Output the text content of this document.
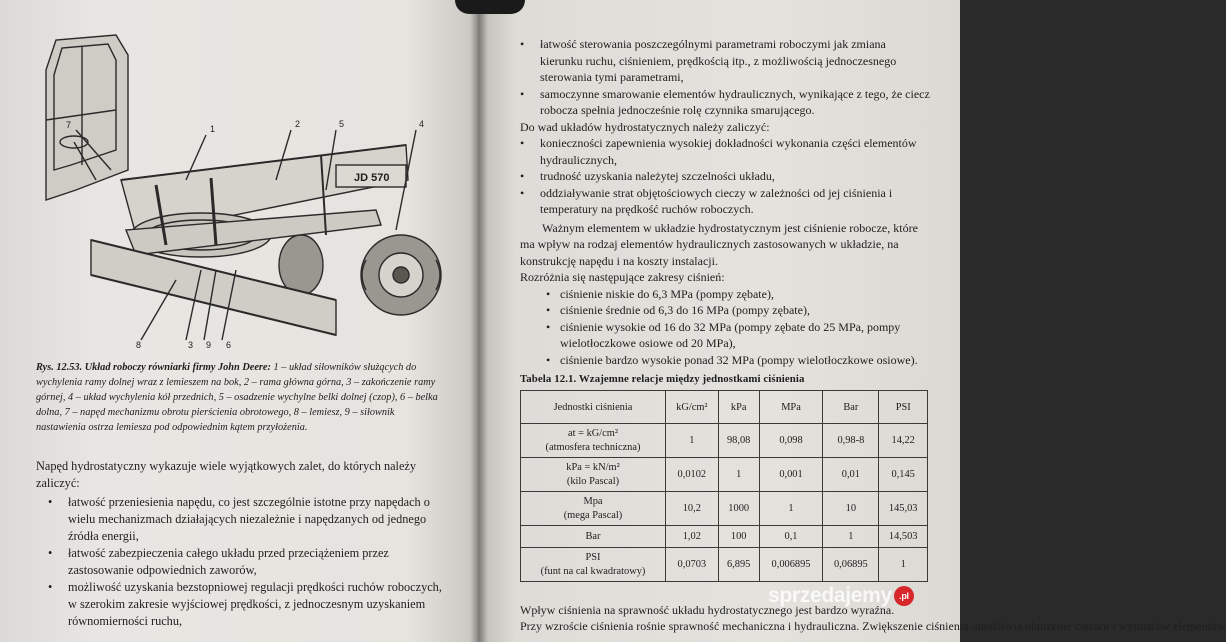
1	2
3
4
5
6
7
8	9
JD 570
Rys. 12.53. Układ roboczy równiarki firmy John Deere: 1 – układ siłowników służących do wychylenia ramy dolnej wraz z lemieszem na bok, 2 – rama główna górna, 3 – zakończenie ramy górnej, 4 – układ wychylenia kół przednich, 5 – osadzenie wychylne belki dolnej (czop), 6 – belka dolna, 7 – napęd mechanizmu obrotu pierścienia obrotowego, 8 – lemiesz, 9 – siłownik nastawienia ostrza lemiesza pod odpowiednim kątem przyłożenia.
Napęd hydrostatyczny wykazuje wiele wyjątkowych zalet, do których należy zaliczyć:
• łatwość przeniesienia napędu, co jest szczególnie istotne przy napędach o wielu mechanizmach działających niezależnie i napędzanych od jednego źródła energii,
• łatwość zabezpieczenia całego układu przed przeciążeniem przez zastosowanie odpowiednich zaworów,
• możliwość uzyskania bezstopniowej regulacji prędkości ruchów roboczych, w szerokim zakresie wyjściowej prędkości, z jednoczesnym uzyskaniem równomierności ruchu,
• łatwość sterowania poszczególnymi parametrami roboczymi jak zmiana kierunku ruchu, ciśnieniem, prędkością itp., z możliwością jednoczesnego sterowania tymi parametrami,
• samoczynne smarowanie elementów hydraulicznych, wynikające z tego, że ciecz robocza spełnia jednocześnie rolę czynnika smarującego.
Do wad układów hydrostatycznych należy zaliczyć:
• konieczności zapewnienia wysokiej dokładności wykonania części elementów hydraulicznych,
• trudność uzyskania należytej szczelności układu,
• oddziaływanie strat objętościowych cieczy w zależności od jej ciśnienia i temperatury na prędkość ruchów roboczych.
Ważnym elementem w układzie hydrostatycznym jest ciśnienie robocze, które ma wpływ na rodzaj elementów hydraulicznych zastosowanych w układzie, na konstrukcję napędu i na koszty instalacji.
Rozróżnia się następujące zakresy ciśnień:
• ciśnienie niskie do 6,3 MPa (pompy zębate),
• ciśnienie średnie od 6,3 do 16 MPa (pompy zębate),
• ciśnienie wysokie od 16 do 32 MPa (pompy zębate do 25 MPa, pompy wielotłoczkowe osiowe od 20 MPa),
• ciśnienie bardzo wysokie ponad 32 MPa (pompy wielotłoczkowe osiowe).
Tabela 12.1. Wzajemne relacje między jednostkami ciśnienia
Jednostki ciśnienia	kG/cm²	kPa	MPa	Bar	PSI

at = kG/cm²
(atmosfera techniczna)	1	98,08	0,098	0,98-8	14,22

kPa = kN/m²
(kilo Pascal)	0,0102	1	0,001	0,01	0,145

Mpa
(mega Pascal)	10,2	1000	1	10	145,03

Bar	1,02	100	0,1	1	14,503

PSI
(funt na cal kwadratowy)	0,0703	6,895	0,006895	0,06895	1
Wpływ ciśnienia na sprawność układu hydrostatycznego jest bardzo wyraźna.
Przy wzroście ciśnienia rośnie sprawność mechaniczna i hydrauliczna. Zwiększenie ciśnienia umożliwia obniżenie ciężaru i wymiarów elementów
sprzedajemy .pl
